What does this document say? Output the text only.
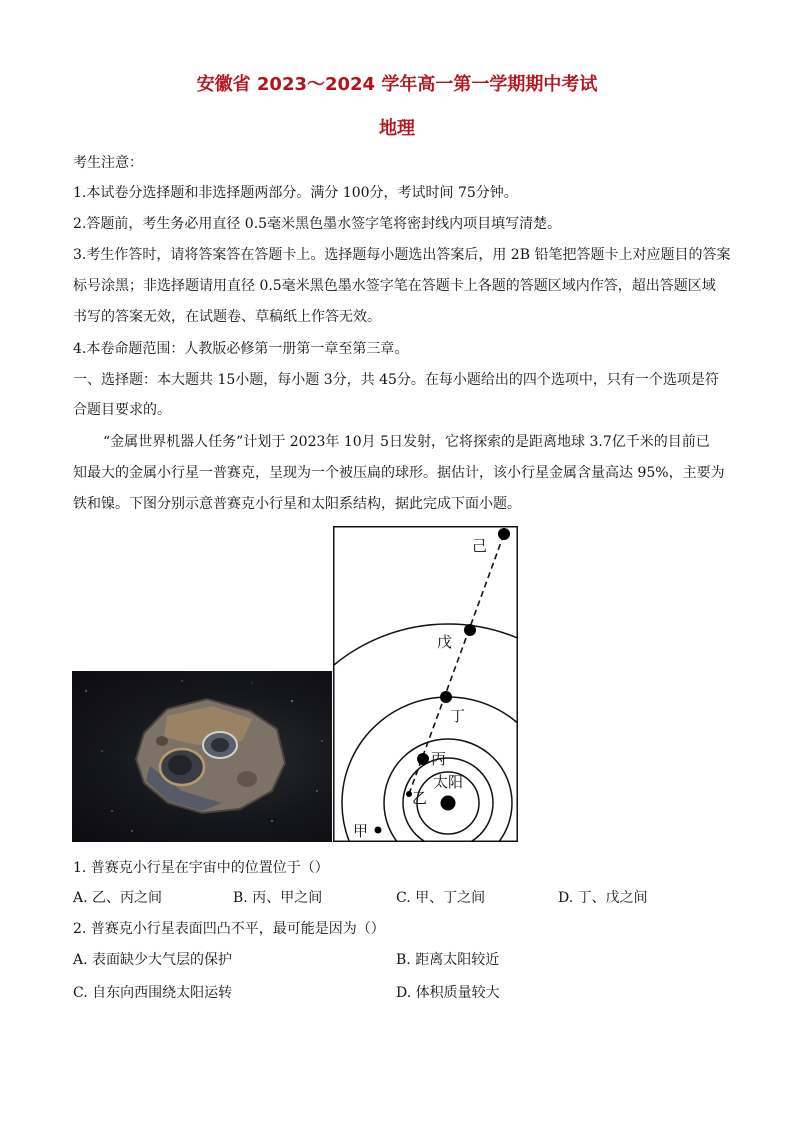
安徽省 2023～2024 学年高一第一学期期中考试
地理
考生注意：
1.本试卷分选择题和非选择题两部分。满分 100分，考试时间 75分钟。
2.答题前，考生务必用直径 0.5毫米黑色墨水签字笔将密封线内项目填写清楚。
3.考生作答时，请将答案答在答题卡上。选择题每小题选出答案后，用 2B 铅笔把答题卡上对应题目的答案
标号涂黑；非选择题请用直径 0.5毫米黑色墨水签字笔在答题卡上各题的答题区域内作答，超出答题区域
书写的答案无效，在试题卷、草稿纸上作答无效。
4.本卷命题范围：人教版必修第一册第一章至第三章。
一、选择题：本大题共 15小题，每小题 3分，共 45分。在每小题给出的四个选项中，只有一个选项是符
合题目要求的。
“金属世界机器人任务”计划于 2023年 10月 5日发射，它将探索的是距离地球 3.7亿千米的目前已
知最大的金属小行星一普赛克，呈现为一个被压扁的球形。据估计，该小行星金属含量高达 95%，主要为
铁和镍。下图分别示意普赛克小行星和太阳系结构，据此完成下面小题。
己
戊
丁
丙
太阳
乙
甲
1. 普赛克小行星在宇宙中的位置位于（）
A. 乙、丙之间	B. 丙、甲之间	C. 甲、丁之间	D. 丁、戊之间
2. 普赛克小行星表面凹凸不平，最可能是因为（）
A. 表面缺少大气层的保护	B. 距离太阳较近
C. 自东向西围绕太阳运转	D. 体积质量较大
